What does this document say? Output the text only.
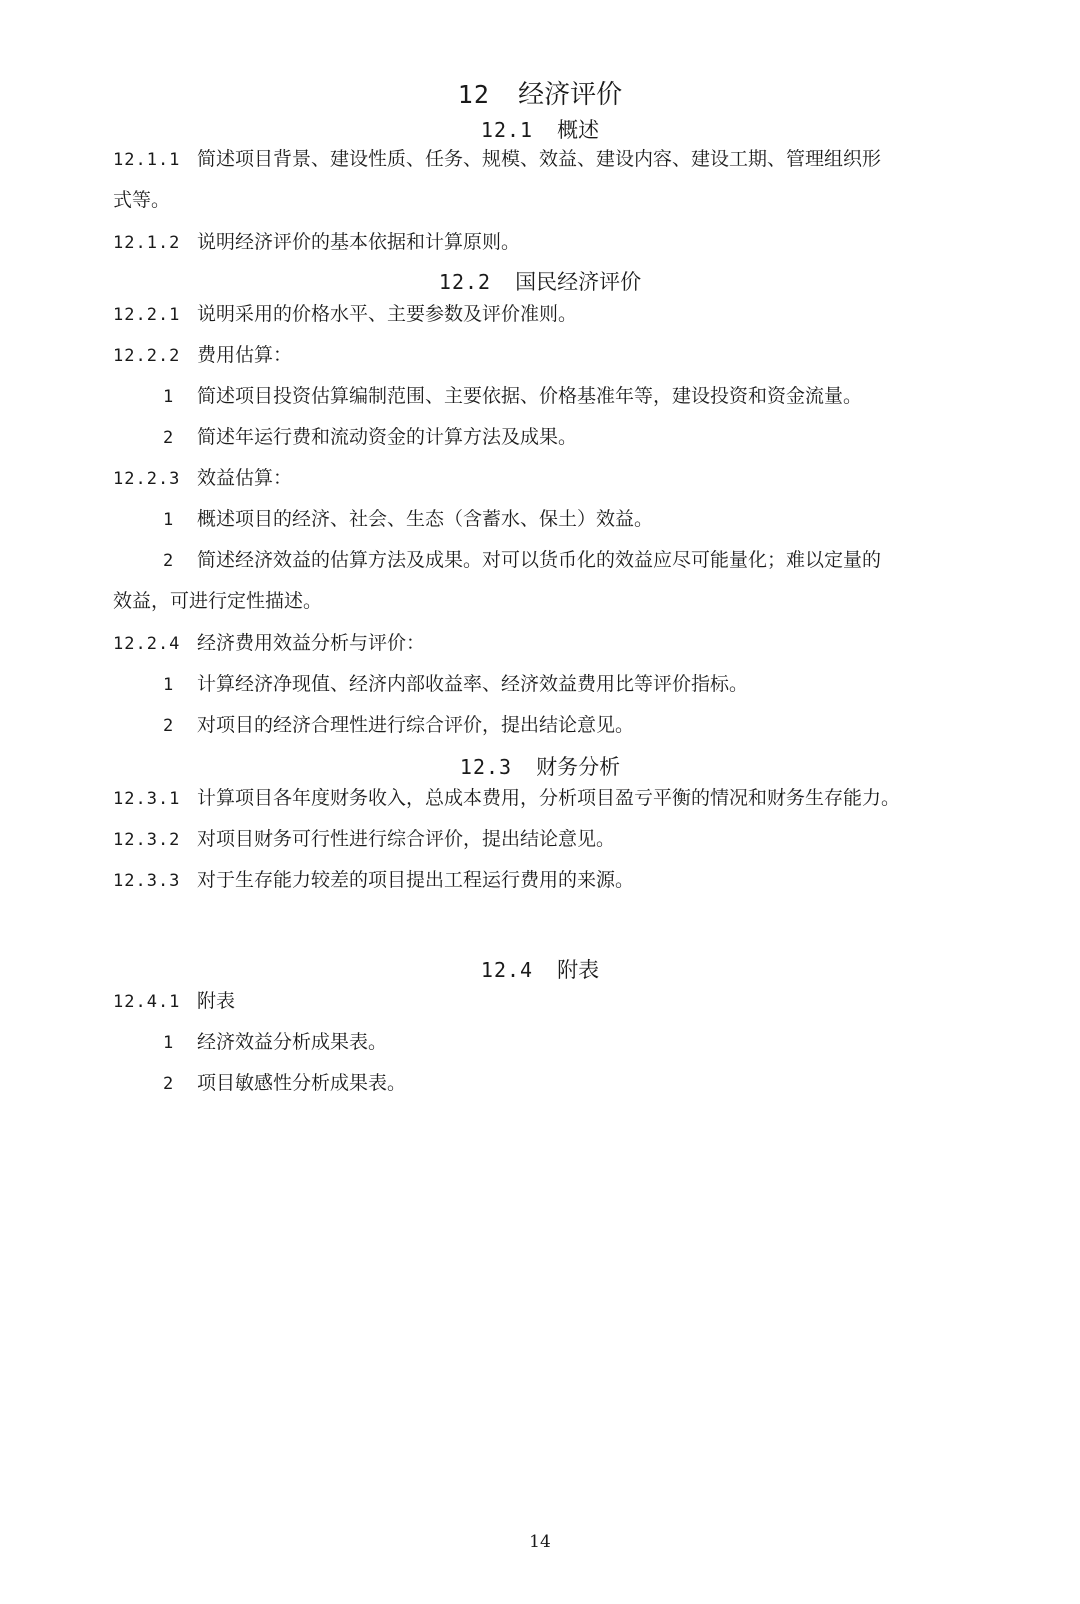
12 经济评价
12.1 概述
12.1.1 简述项目背景、建设性质、任务、规模、效益、建设内容、建设工期、管理组织形
式等。
12.1.2 说明经济评价的基本依据和计算原则。
12.2 国民经济评价
12.2.1 说明采用的价格水平、主要参数及评价准则。
12.2.2 费用估算：
1 简述项目投资估算编制范围、主要依据、价格基准年等，建设投资和资金流量。
2 简述年运行费和流动资金的计算方法及成果。
12.2.3 效益估算：
1 概述项目的经济、社会、生态（含蓄水、保土）效益。
2 简述经济效益的估算方法及成果。对可以货币化的效益应尽可能量化；难以定量的
效益，可进行定性描述。
12.2.4 经济费用效益分析与评价：
1 计算经济净现值、经济内部收益率、经济效益费用比等评价指标。
2 对项目的经济合理性进行综合评价，提出结论意见。
12.3 财务分析
12.3.1 计算项目各年度财务收入，总成本费用，分析项目盈亏平衡的情况和财务生存能力。
12.3.2 对项目财务可行性进行综合评价，提出结论意见。
12.3.3 对于生存能力较差的项目提出工程运行费用的来源。
12.4 附表
12.4.1 附表
1 经济效益分析成果表。
2 项目敏感性分析成果表。
14
